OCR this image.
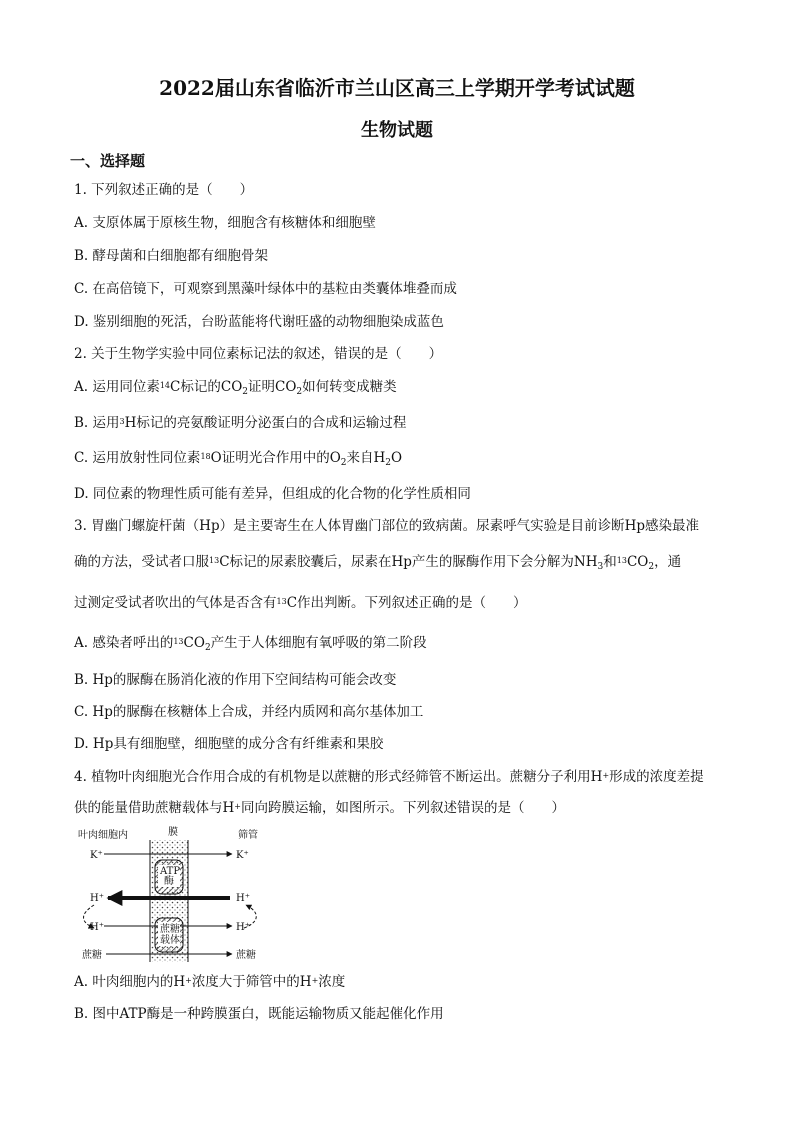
2022届山东省临沂市兰山区高三上学期开学考试试题
生物试题
一、选择题
1. 下列叙述正确的是（　　）
A. 支原体属于原核生物，细胞含有核糖体和细胞壁
B. 酵母菌和白细胞都有细胞骨架
C. 在高倍镜下，可观察到黑藻叶绿体中的基粒由类囊体堆叠而成
D. 鉴别细胞的死活，台盼蓝能将代谢旺盛的动物细胞染成蓝色
2. 关于生物学实验中同位素标记法的叙述，错误的是（　　）
A. 运用同位素$^{14}$C标记的$CO_2$证明$CO_2$如何转变成糖类
B. 运用$^3$H标记的亮氨酸证明分泌蛋白的合成和运输过程
C. 运用放射性同位素$^{18}$O证明光合作用中的$O_2$来自$H_2O$
D. 同位素的物理性质可能有差异，但组成的化合物的化学性质相同
3. 胃幽门螺旋杆菌（Hp）是主要寄生在人体胃幽门部位的致病菌。尿素呼气实验是目前诊断Hp感染最准
确的方法，受试者口服$^{13}$C标记的尿素胶囊后，尿素在Hp产生的脲酶作用下会分解为$NH_3$和$^{13}CO_2$，通
过测定受试者吹出的气体是否含有$^{13}$C作出判断。下列叙述正确的是（　　）
A. 感染者呼出的$^{13}CO_2$产生于人体细胞有氧呼吸的第二阶段
B. Hp的脲酶在肠消化液的作用下空间结构可能会改变
C. Hp的脲酶在核糖体上合成，并经内质网和高尔基体加工
D. Hp具有细胞壁，细胞壁的成分含有纤维素和果胶
4. 植物叶肉细胞光合作用合成的有机物是以蔗糖的形式经筛管不断运出。蔗糖分子利用H+形成的浓度差提
供的能量借助蔗糖载体与H+同向跨膜运输，如图所示。下列叙述错误的是（　　）
叶肉细胞内	膜	筛管
K⁺	K⁺
ATP
酶
H⁺	H⁺
H⁺	H⁺
蔗糖
载体
蔗糖	蔗糖
A. 叶肉细胞内的H+浓度大于筛管中的H+浓度
B. 图中ATP酶是一种跨膜蛋白，既能运输物质又能起催化作用
